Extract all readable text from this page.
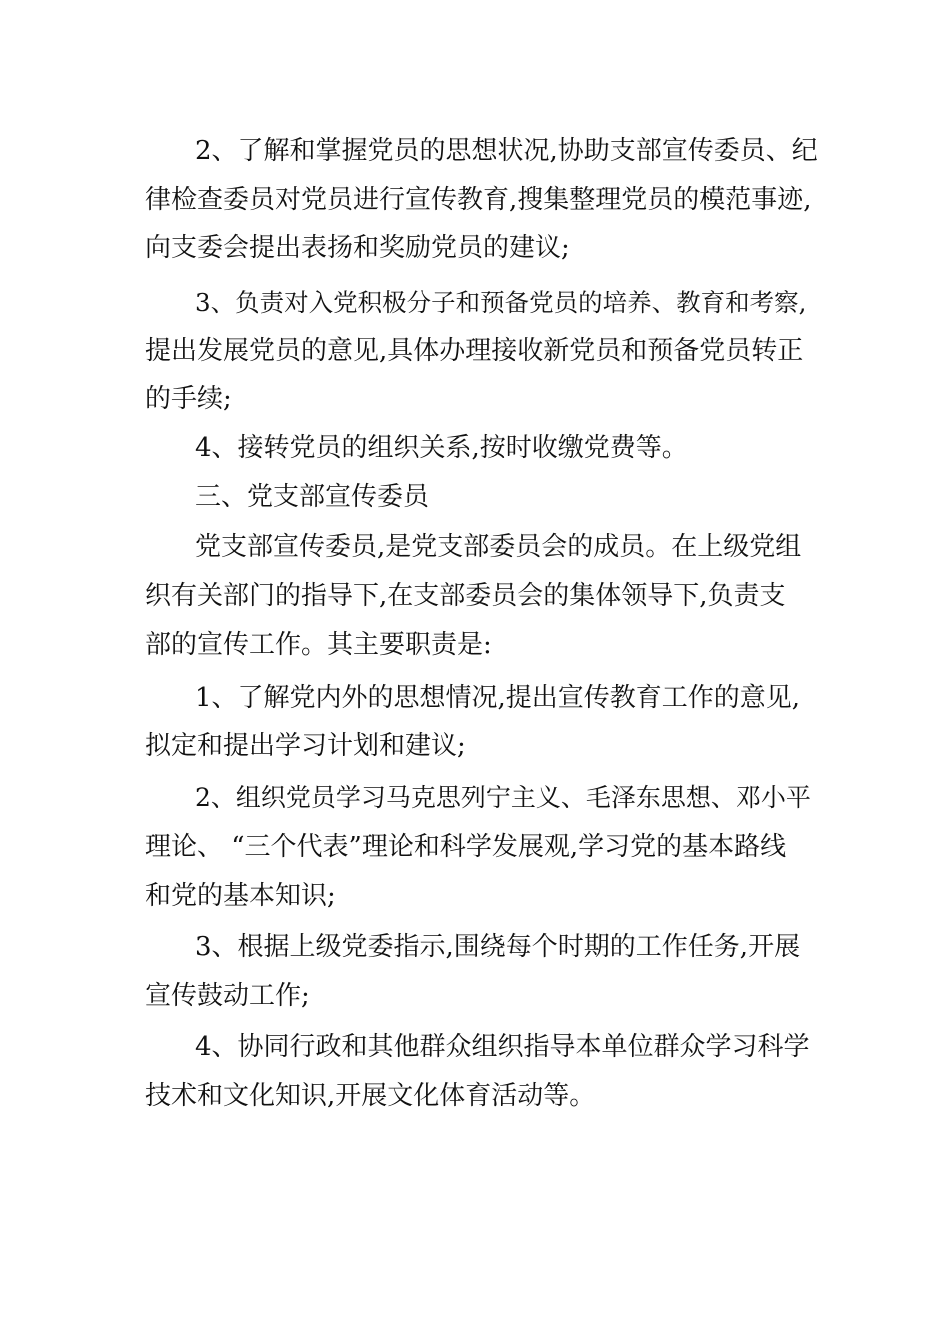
2、了解和掌握党员的思想状况,协助支部宣传委员、纪
律检查委员对党员进行宣传教育,搜集整理党员的模范事迹,
向支委会提出表扬和奖励党员的建议;
3、负责对入党积极分子和预备党员的培养、教育和考察,
提出发展党员的意见,具体办理接收新党员和预备党员转正
的手续;
4、接转党员的组织关系,按时收缴党费等。
三、党支部宣传委员
党支部宣传委员,是党支部委员会的成员。在上级党组
织有关部门的指导下,在支部委员会的集体领导下,负责支
部的宣传工作。其主要职责是:
1、了解党内外的思想情况,提出宣传教育工作的意见,
拟定和提出学习计划和建议;
2、组织党员学习马克思列宁主义、毛泽东思想、邓小平
理论、 “三个代表”理论和科学发展观,学习党的基本路线
和党的基本知识;
3、根据上级党委指示,围绕每个时期的工作任务,开展
宣传鼓动工作;
4、协同行政和其他群众组织指导本单位群众学习科学
技术和文化知识,开展文化体育活动等。
